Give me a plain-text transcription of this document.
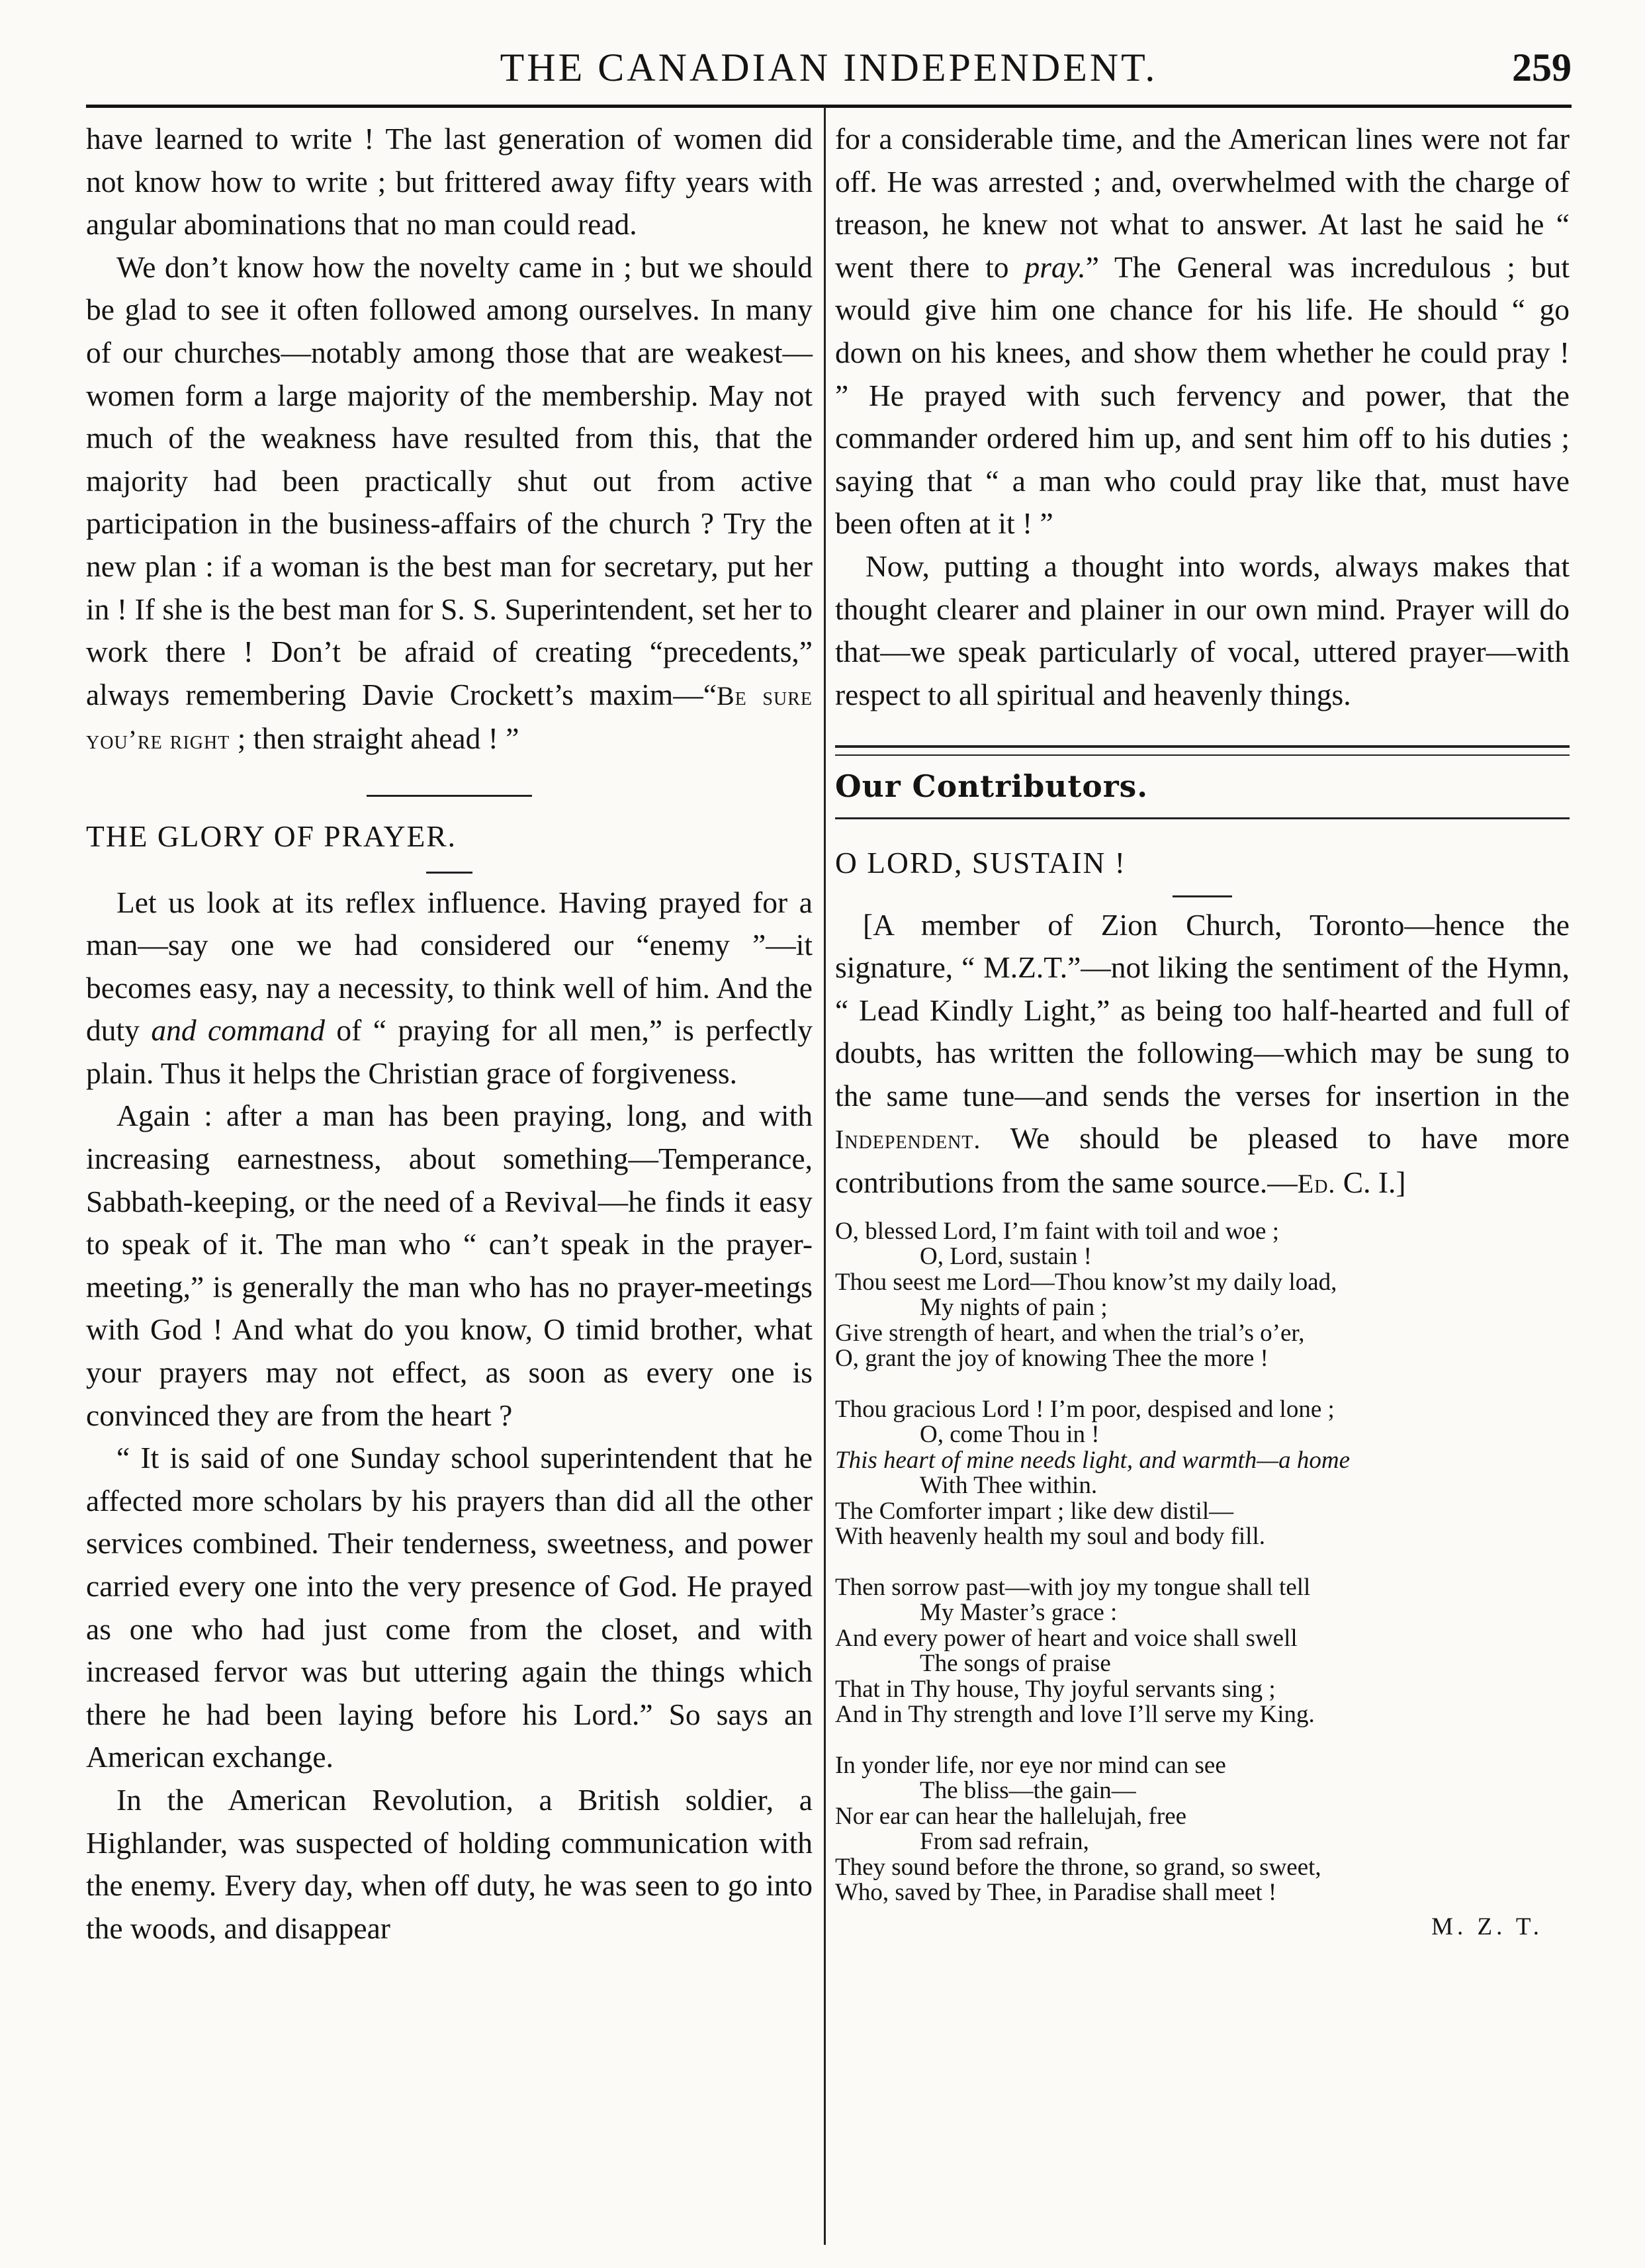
THE CANADIAN INDEPENDENT.	259

have learned to write ! The last generation of women did not know how to write ; but frittered away fifty years with angular abominations that no man could read.

We don’t know how the novelty came in ; but we should be glad to see it often followed among ourselves. In many of our churches—notably among those that are weakest—women form a large majority of the membership. May not much of the weakness have resulted from this, that the majority had been practically shut out from active participation in the business-affairs of the church ? Try the new plan : if a woman is the best man for secretary, put her in ! If she is the best man for S. S. Superintendent, set her to work there ! Don’t be afraid of creating “precedents,” always remembering Davie Crockett’s maxim—“Be sure you’re right ; then straight ahead ! ”

THE GLORY OF PRAYER.

Let us look at its reflex influence. Having prayed for a man—say one we had considered our “enemy ”—it becomes easy, nay a necessity, to think well of him. And the duty and command of “ praying for all men,” is perfectly plain. Thus it helps the Christian grace of forgiveness.

Again : after a man has been praying, long, and with increasing earnestness, about something—Temperance, Sabbath-keeping, or the need of a Revival—he finds it easy to speak of it. The man who “ can’t speak in the prayer-meeting,” is generally the man who has no prayer-meetings with God ! And what do you know, O timid brother, what your prayers may not effect, as soon as every one is convinced they are from the heart ?

“ It is said of one Sunday school superintendent that he affected more scholars by his prayers than did all the other services combined. Their tenderness, sweetness, and power carried every one into the very presence of God. He prayed as one who had just come from the closet, and with increased fervor was but uttering again the things which there he had been laying before his Lord.” So says an American exchange.

In the American Revolution, a British soldier, a Highlander, was suspected of holding communication with the enemy. Every day, when off duty, he was seen to go into the woods, and disappear

for a considerable time, and the American lines were not far off. He was arrested ; and, overwhelmed with the charge of treason, he knew not what to answer. At last he said he “ went there to pray.” The General was incredulous ; but would give him one chance for his life. He should “ go down on his knees, and show them whether he could pray ! ” He prayed with such fervency and power, that the commander ordered him up, and sent him off to his duties ; saying that “ a man who could pray like that, must have been often at it ! ”

Now, putting a thought into words, always makes that thought clearer and plainer in our own mind. Prayer will do that—we speak particularly of vocal, uttered prayer—with respect to all spiritual and heavenly things.

Our Contributors.

O LORD, SUSTAIN !

[A member of Zion Church, Toronto—hence the signature, “ M.Z.T.”—not liking the sentiment of the Hymn, “ Lead Kindly Light,” as being too half-hearted and full of doubts, has written the following—which may be sung to the same tune—and sends the verses for insertion in the Independent. We should be pleased to have more contributions from the same source.—Ed. C. I.]

O, blessed Lord, I’m faint with toil and woe ;
O, Lord, sustain !
Thou seest me Lord—Thou know’st my daily load,
My nights of pain ;
Give strength of heart, and when the trial’s o’er,
O, grant the joy of knowing Thee the more !
Thou gracious Lord ! I’m poor, despised and lone ;
O, come Thou in !
This heart of mine needs light, and warmth—a home
With Thee within.
The Comforter impart ; like dew distil—
With heavenly health my soul and body fill.
Then sorrow past—with joy my tongue shall tell
My Master’s grace :
And every power of heart and voice shall swell
The songs of praise
That in Thy house, Thy joyful servants sing ;
And in Thy strength and love I’ll serve my King.
In yonder life, nor eye nor mind can see
The bliss—the gain—
Nor ear can hear the hallelujah, free
From sad refrain,
They sound before the throne, so grand, so sweet,
Who, saved by Thee, in Paradise shall meet !
M. Z. T.
